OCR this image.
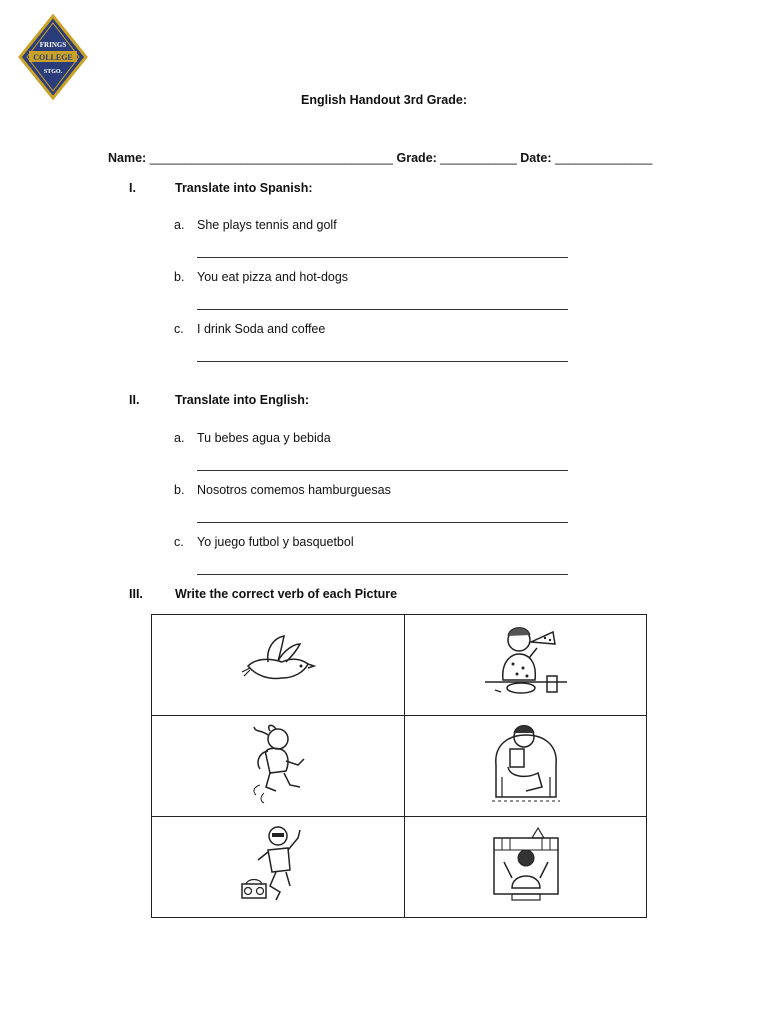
FRINGS
COLLEGE
STGO.
English Handout 3rd Grade:
Name: ___________________________________ Grade: ___________ Date: ______________
I.	Translate into Spanish:
a. She plays tennis and golf
b. You eat pizza and hot-dogs
c. I drink Soda and coffee
II.	Translate into English:
a. Tu bebes agua y bebida
b. Nosotros comemos hamburguesas
c. Yo juego futbol y basquetbol
III.	Write the correct verb of each Picture
